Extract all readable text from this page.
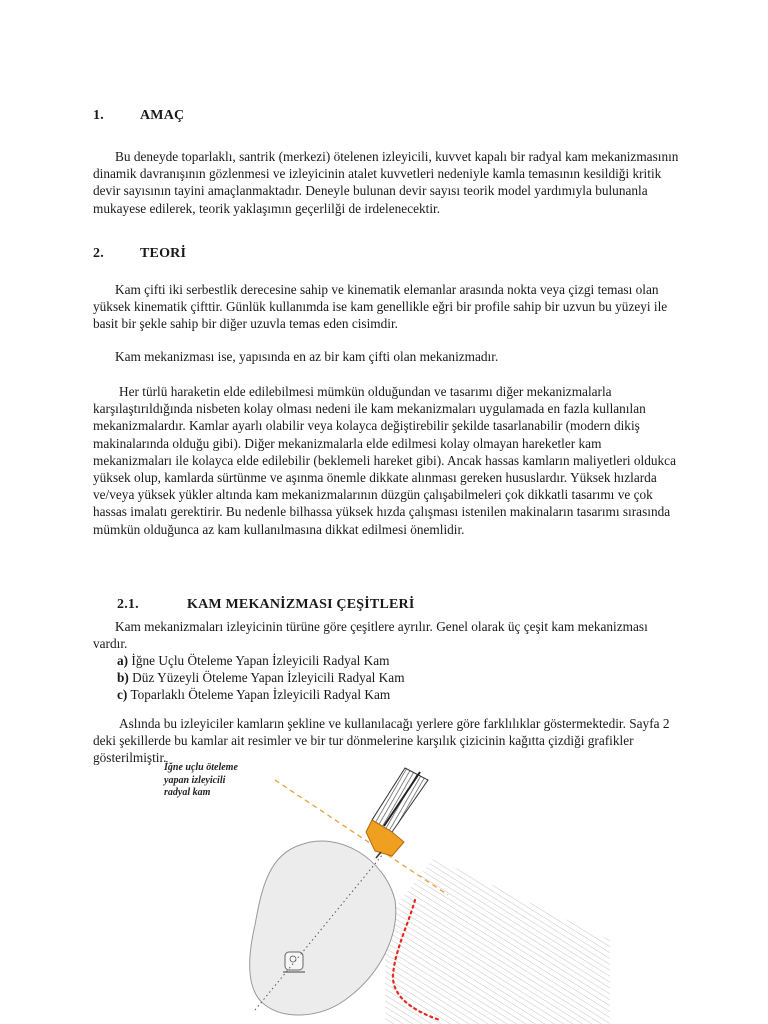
1.	AMAÇ
Bu deneyde toparlaklı, santrik (merkezi) ötelenen izleyicili, kuvvet kapalı bir radyal kam mekanizmasının dinamik davranışının gözlenmesi ve izleyicinin atalet kuvvetleri nedeniyle kamla temasının kesildiği kritik devir sayısının tayini amaçlanmaktadır. Deneyle bulunan devir sayısı teorik model yardımıyla bulunanla mukayese edilerek, teorik yaklaşımın geçerlilği de irdelenecektir.
2.	TEORİ
Kam çifti iki serbestlik derecesine sahip ve kinematik elemanlar arasında nokta veya çizgi teması olan yüksek kinematik çifttir. Günlük kullanımda ise kam genellikle eğri bir profile sahip bir uzvun bu yüzeyi ile basit bir şekle sahip bir diğer uzuvla temas eden cisimdir.
Kam mekanizması ise, yapısında en az bir kam çifti olan mekanizmadır.
Her türlü haraketin elde edilebilmesi mümkün olduğundan ve tasarımı diğer mekanizmalarla karşılaştırıldığında nisbeten kolay olması nedeni ile kam mekanizmaları uygulamada en fazla kullanılan mekanizmalardır. Kamlar ayarlı olabilir veya kolayca değiştirebilir şekilde tasarlanabilir (modern dikiş makinalarında olduğu gibi). Diğer mekanizmalarla elde edilmesi kolay olmayan hareketler kam mekanizmaları ile kolayca elde edilebilir (beklemeli hareket gibi). Ancak hassas kamların maliyetleri oldukca yüksek olup, kamlarda sürtünme ve aşınma önemle dikkate alınması gereken hususlardır. Yüksek hızlarda ve/veya yüksek yükler altında kam mekanizmalarının düzgün çalışabilmeleri çok dikkatli tasarımı ve çok hassas imalatı gerektirir. Bu nedenle bilhassa yüksek hızda çalışması istenilen makinaların tasarımı sırasında mümkün olduğunca az kam kullanılmasına dikkat edilmesi önemlidir.
2.1.	KAM MEKANİZMASI ÇEŞİTLERİ
Kam mekanizmaları izleyicinin türüne göre çeşitlere ayrılır. Genel olarak üç çeşit kam mekanizması vardır.
a) İğne Uçlu Öteleme Yapan İzleyicili Radyal Kam
b) Düz Yüzeyli Öteleme Yapan İzleyicili Radyal Kam
c) Toparlaklı Öteleme Yapan İzleyicili Radyal Kam
Aslında bu izleyiciler kamların şekline ve kullanılacağı yerlere göre farklılıklar göstermektedir. Sayfa 2 deki şekillerde bu kamlar ait resimler ve bir tur dönmelerine karşılık çizicinin kağıtta çizdiği grafikler gösterilmiştir.
İğne uçlu öteleme
yapan izleyicili
radyal kam
